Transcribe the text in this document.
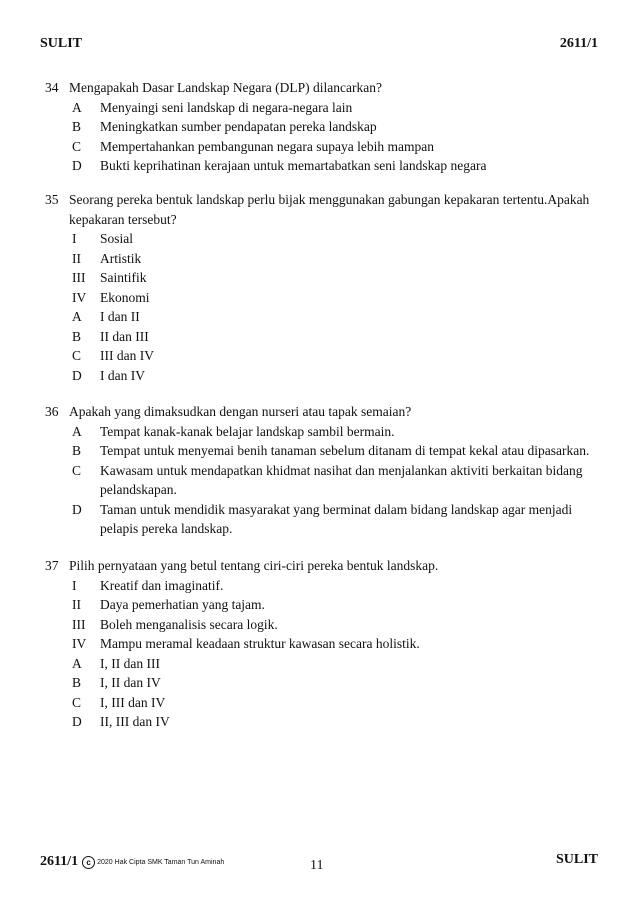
SULIT	2611/1
34 Mengapakah Dasar Landskap Negara (DLP) dilancarkan?
A	Menyaingi seni landskap di negara-negara lain
B	Meningkatkan sumber pendapatan pereka landskap
C	Mempertahankan pembangunan negara supaya lebih mampan
D	Bukti keprihatinan kerajaan untuk memartabatkan seni landskap negara
35 Seorang pereka bentuk landskap perlu bijak menggunakan gabungan kepakaran tertentu.Apakah kepakaran tersebut?
I	Sosial
II	Artistik
III	Saintifik
IV	Ekonomi
A	I dan II
B	II dan III
C	III dan IV
D	I dan IV
36 Apakah yang dimaksudkan dengan nurseri atau tapak semaian?
A	Tempat kanak-kanak belajar landskap sambil bermain.
B	Tempat untuk menyemai benih tanaman sebelum ditanam di tempat kekal atau dipasarkan.
C	Kawasam untuk mendapatkan khidmat nasihat dan menjalankan aktiviti berkaitan bidang pelandskapan.
D	Taman untuk mendidik masyarakat yang berminat dalam bidang landskap agar menjadi pelapis pereka landskap.
37 Pilih pernyataan yang betul tentang ciri-ciri pereka bentuk landskap.
I	Kreatif dan imaginatif.
II	Daya pemerhatian yang tajam.
III	Boleh menganalisis secara logik.
IV	Mampu meramal keadaan struktur kawasan secara holistik.
A	I, II dan III
B	I, II dan IV
C	I, III dan IV
D	II, III dan IV
2611/1	c 2020 Hak Cipta SMK Taman Tun Aminah	11	SULIT
